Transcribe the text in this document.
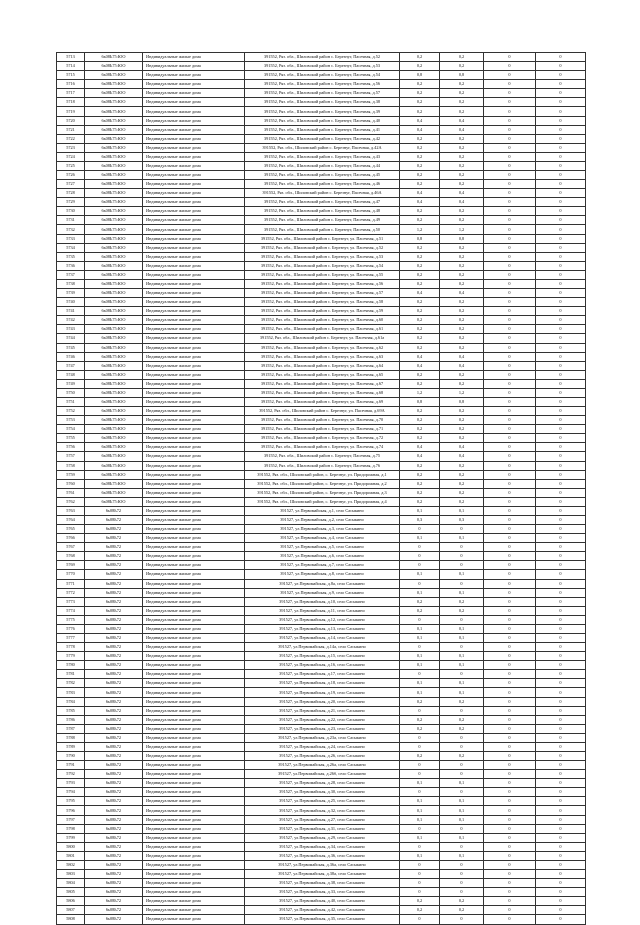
5713	6ь08Ь75:ЮО	Индивидуальные жилые дома	391552, Ряз. обл., Шиловский район с. Березнуг, Пасечная, д.52	0,2	0,2	0	0
5714	6ь08Ь75:ЮО	Индивидуальные жилые дома	391552, Ряз. обл., Шиловский район с. Березнуг, Пасечная, д.53	0,2	0,2	0	0
5715	6ь08Ь75:ЮО	Индивидуальные жилые дома	391552, Ряз. обл., Шиловский район с. Березнуг, Пасечная, д.54	0,8	0,8	0	0
5716	6ь08Ь75:ЮО	Индивидуальные жилые дома	391552, Ряз. обл., Шиловский район с. Березнуг, Пасечная, д.56	0,2	0,2	0	0
5717	6ь08Ь75:ЮО	Индивидуальные жилые дома	391552, Ряз. обл., Шиловский район с. Березнуг, Пасечная, д.57	0,2	0,2	0	0
5718	6ь08Ь75:ЮО	Индивидуальные жилые дома	391552, Ряз. обл., Шиловский район с. Березнуг, Пасечная, д.38	0,2	0,2	0	0
5719	6ь08Ь75:ЮО	Индивидуальные жилые дома	391552, Ряз. обл., Шиловский район с. Березнуг, Пасечная, д.39	0,2	0,2	0	0
5720	6ь08Ь75:ЮО	Индивидуальные жилые дома	391552, Ряз. обл., Шиловский район с. Березнуг, Пасечная, д.40	0,4	0,4	0	0
5721	6ь08Ь75:ЮО	Индивидуальные жилые дома	391552, Ряз. обл., Шиловский район с. Березнуг, Пасечная, д.41	0,4	0,4	0	0
5722	6ь08Ь75:ЮО	Индивидуальные жилые дома	391552, Ряз. обл., Шиловский район с. Березнуг, Пасечная, д.42	0,2	0,2	0	0
5723	6ь08Ь75:ЮО	Индивидуальные жилые дома	391552, Ряз. обл., Шиловский район с. Березнуг, Пасечная, д.42А	0,2	0,2	0	0
5724	6ь08Ь75:ЮО	Индивидуальные жилые дома	391552, Ряз. обл., Шиловский район с. Березнуг, Пасечная, д.43	0,2	0,2	0	0
5725	6ь08Ь75:ЮО	Индивидуальные жилые дома	391552, Ряз. обл., Шиловский район с. Березнуг, Пасечная, д.44	0,2	0,2	0	0
5726	6ь08Ь75:ЮО	Индивидуальные жилые дома	391552, Ряз. обл., Шиловский район с. Березнуг, Пасечная, д.45	0,2	0,2	0	0
5727	6ь08Ь75:ЮО	Индивидуальные жилые дома	391552, Ряз. обл., Шиловский район с. Березнуг, Пасечная, д.46	0,2	0,2	0	0
5728	6ь08Ь75:ЮО	Индивидуальные жилые дома	391552, Ряз. обл., Шиловский район с. Березнуг, Пасечная, д.46А	0,4	0,4	0	0
5729	6ь08Ь75:ЮО	Индивидуальные жилые дома	391552, Ряз. обл., Шиловский район с. Березнуг, Пасечная, д.47	0,4	0,4	0	0
5730	6ь08Ь75:ЮО	Индивидуальные жилые дома	391552, Ряз. обл., Шиловский район с. Березнуг, Пасечная, д.48	0,2	0,2	0	0
5731	6ь08Ь75:ЮО	Индивидуальные жилые дома	391552, Ряз. обл., Шиловский район с. Березнуг, Пасечная, д.49	0,2	0,2	0	0
5732	6ь08Ь75:ЮО	Индивидуальные жилые дома	391552, Ряз. обл., Шиловский район с. Березнуг, Пасечная, д.50	1,2	1,2	0	0
5733	6ь08Ь75:ЮО	Индивидуальные жилые дома	391552, Ряз. обл., Шиловский район с. Березнуг, ул. Пасечная, д.51	0,8	0,8	0	0
5734	6ь08Ь75:ЮО	Индивидуальные жилые дома	391552, Ряз. обл., Шиловский район с. Березнуг, ул. Пасечная, д.52	0,2	0,2	0	0
5735	6ь08Ь75:ЮО	Индивидуальные жилые дома	391552, Ряз. обл., Шиловский район с. Березнуг, ул. Пасечная, д.53	0,2	0,2	0	0
5736	6ь08Ь75:ЮО	Индивидуальные жилые дома	391552, Ряз. обл., Шиловский район с. Березнуг, ул. Пасечная, д.54	0,2	0,2	0	0
5737	6ь08Ь75:ЮО	Индивидуальные жилые дома	391552, Ряз. обл., Шиловский район с. Березнуг, ул. Пасечная, д.55	0,2	0,2	0	0
5738	6ь08Ь75:ЮО	Индивидуальные жилые дома	391552, Ряз. обл., Шиловский район с. Березнуг, ул. Пасечная, д.56	0,2	0,2	0	0
5739	6ь08Ь75:ЮО	Индивидуальные жилые дома	391552, Ряз. обл., Шиловский район с. Березнуг, ул. Пасечная, д.57	0,4	0,4	0	0
5740	6ь08Ь75:ЮО	Индивидуальные жилые дома	391552, Ряз. обл., Шиловский район с. Березнуг, ул. Пасечная, д.58	0,2	0,2	0	0
5741	6ь08Ь75:ЮО	Индивидуальные жилые дома	391552, Ряз. обл., Шиловский район с. Березнуг, ул. Пасечная, д.59	0,2	0,2	0	0
5742	6ь08Ь75:ЮО	Индивидуальные жилые дома	391552, Ряз. обл., Шиловский район с. Березнуг, ул. Пасечная, д.60	0,2	0,2	0	0
5743	6ь08Ь75:ЮО	Индивидуальные жилые дома	391552, Ряз. обл., Шиловский район с. Березнуг, ул. Пасечная, д.61	0,2	0,2	0	0
5744	6ь08Ь75:ЮО	Индивидуальные жилые дома	391552, Ряз. обл., Шиловский район с. Березнуг, ул. Пасечная, д.61а	0,2	0,2	0	0
5745	6ь08Ь75:ЮО	Индивидуальные жилые дома	391552, Ряз. обл., Шиловский район с. Березнуг, ул. Пасечная, д.62	0,2	0,2	0	0
5746	6ь08Ь75:ЮО	Индивидуальные жилые дома	391552, Ряз. обл., Шиловский район с. Березнуг, ул. Пасечная, д.63	0,4	0,4	0	0
5747	6ь08Ь75:ЮО	Индивидуальные жилые дома	391552, Ряз. обл., Шиловский район с. Березнуг, ул. Пасечная, д.64	0,4	0,4	0	0
5748	6ь08Ь75:ЮО	Индивидуальные жилые дома	391552, Ряз. обл., Шиловский район с. Березнуг, ул. Пасечная, д.65	0,2	0,2	0	0
5749	6ь08Ь75:ЮО	Индивидуальные жилые дома	391552, Ряз. обл., Шиловский район с. Березнуг, ул. Пасечная, д.67	0,2	0,2	0	0
5750	6ь08Ь75:ЮО	Индивидуальные жилые дома	391552, Ряз. обл., Шиловский район с. Березнуг, ул. Пасечная, д.68	1,2	1,2	0	0
5751	6ь08Ь75:ЮО	Индивидуальные жилые дома	391552, Ряз. обл., Шиловский район с. Березнуг, ул. Пасечная, д.69	0,8	0,8	0	0
5752	6ь08Ь75:ЮО	Индивидуальные жилые дома	391552, Ряз. обл., Шиловский район с. Березнуг, ул. Пасечная, д.69А	0,2	0,2	0	0
5753	6ь08Ь75:ЮО	Индивидуальные жилые дома	391552, Ряз. обл., Шиловский район с. Березнуг, ул. Пасечная, д.70	0,2	0,2	0	0
5754	6ь08Ь75:ЮО	Индивидуальные жилые дома	391552, Ряз. обл., Шиловский район с. Березнуг, ул. Пасечная, д.71	0,2	0,2	0	0
5755	6ь08Ь75:ЮО	Индивидуальные жилые дома	391552, Ряз. обл., Шиловский район с. Березнуг, ул. Пасечная, д.72	0,2	0,2	0	0
5756	6ь08Ь75:ЮО	Индивидуальные жилые дома	391552, Ряз. обл., Шиловский район с. Березнуг, ул. Пасечная, д.74	0,4	0,4	0	0
5757	6ь08Ь75:ЮО	Индивидуальные жилые дома	391552, Ряз. обл., Шиловский район с. Березнуг, Пасечная, д.75	0,4	0,4	0	0
5758	6ь08Ь75:ЮО	Индивидуальные жилые дома	391552, Ряз. обл., Шиловский район с. Березнуг, Пасечная, д.76	0,2	0,2	0	0
5759	6ь08Ь75:ЮО	Индивидуальные жилые дома	391552, Ряз. обл., Шиловский район, с. Березнуг, ул. Придорожная, д.1	0,2	0,2	0	0
5760	6ь08Ь75:ЮО	Индивидуальные жилые дома	391552, Ряз. обл., Шиловский район, с. Березнуг, ул. Придорожная, д.2	0,2	0,2	0	0
5761	6ь08Ь75:ЮО	Индивидуальные жилые дома	391552, Ряз. обл., Шиловский район, с. Березнуг, ул. Придорожная, д.3	0,2	0,2	0	0
5762	6ь08Ь75:ЮО	Индивидуальные жилые дома	391552, Ряз. обл., Шиловский район, с. Березнуг, ул. Придорожная, д.4	0,2	0,2	0	0
5763	6ь08Ь72	Индивидуальные жилые дома	391527, ул.Первомайская, д.1, село Сасыкино	0,1	0,1	0	0
5764	6ь08Ь72	Индивидуальные жилые дома	391527, ул.Первомайская, д.2, село Сасыкино	0,3	0,3	0	0
5765	6ь08Ь72	Индивидуальные жилые дома	391527, ул.Первомайская, д.3, село Сасыкино	0	0	0	0
5766	6ь08Ь72	Индивидуальные жилые дома	391527, ул.Первомайская, д.4, село Сасыкино	0,1	0,1	0	0
5767	6ь08Ь72	Индивидуальные жилые дома	391527, ул.Первомайская, д.5, село Сасыкино	0	0	0	0
5768	6ь08Ь72	Индивидуальные жилые дома	391527, ул.Первомайская, д.6, село Сасыкино	0	0	0	0
5769	6ь08Ь72	Индивидуальные жилые дома	391527, ул.Первомайская, д.7, село Сасыкино	0	0	0	0
5770	6ь08Ь72	Индивидуальные жилые дома	391527, ул.Первомайская, д.8, село Сасыкино	0,1	0,1	0	0
5771	6ь08Ь72	Индивидуальные жилые дома	391527, ул.Первомайская, д.8а, село Сасыкино	0	0	0	0
5772	6ь08Ь72	Индивидуальные жилые дома	391527, ул.Первомайская, д.9, село Сасыкино	0,1	0,1	0	0
5773	6ь08Ь72	Индивидуальные жилые дома	391527, ул.Первомайская, д.10, село Сасыкино	0,2	0,2	0	0
5774	6ь08Ь72	Индивидуальные жилые дома	391527, ул.Первомайская, д.11, село Сасыкино	0,2	0,2	0	0
5775	6ь08Ь72	Индивидуальные жилые дома	391527, ул.Первомайская, д.12, село Сасыкино	0	0	0	0
5776	6ь08Ь72	Индивидуальные жилые дома	391527, ул.Первомайская, д.13, село Сасыкино	0,1	0,1	0	0
5777	6ь08Ь72	Индивидуальные жилые дома	391527, ул.Первомайская, д.14, село Сасыкино	0,1	0,1	0	0
5778	6ь08Ь72	Индивидуальные жилые дома	391527, ул.Первомайская, д.14а, село Сасыкино	0	0	0	0
5779	6ь08Ь72	Индивидуальные жилые дома	391527, ул.Первомайская, д.15, село Сасыкино	0,1	0,1	0	0
5780	6ь08Ь72	Индивидуальные жилые дома	391527, ул.Первомайская, д.16, село Сасыкино	0,1	0,1	0	0
5781	6ь08Ь72	Индивидуальные жилые дома	391527, ул.Первомайская, д.17, село Сасыкино	0	0	0	0
5782	6ь08Ь72	Индивидуальные жилые дома	391527, ул.Первомайская, д.18, село Сасыкино	0,1	0,1	0	0
5783	6ь08Ь72	Индивидуальные жилые дома	391527, ул.Первомайская, д.19, село Сасыкино	0,1	0,1	0	0
5784	6ь08Ь72	Индивидуальные жилые дома	391527, ул.Первомайская, д.20, село Сасыкино	0,2	0,2	0	0
5785	6ь08Ь72	Индивидуальные жилые дома	391527, ул.Первомайская, д.21, село Сасыкино	0	0	0	0
5786	6ь08Ь72	Индивидуальные жилые дома	391527, ул.Первомайская, д.22, село Сасыкино	0,2	0,2	0	0
5787	6ь08Ь72	Индивидуальные жилые дома	391527, ул.Первомайская, д.23, село Сасыкино	0,2	0,2	0	0
5788	6ь08Ь72	Индивидуальные жилые дома	391527, ул.Первомайская, д.23а, село Сасыкино	0	0	0	0
5789	6ь08Ь72	Индивидуальные жилые дома	391527, ул.Первомайская, д.24, село Сасыкино	0	0	0	0
5790	6ь08Ь72	Индивидуальные жилые дома	391527, ул.Первомайская, д.26, село Сасыкино	0,2	0,2	0	0
5791	6ь08Ь72	Индивидуальные жилые дома	391527, ул.Первомайская, д.26а, село Сасыкино	0	0	0	0
5792	6ь08Ь72	Индивидуальные жилые дома	391527, ул.Первомайская, д.26б, село Сасыкино	0	0	0	0
5793	6ь08Ь72	Индивидуальные жилые дома	391527, ул.Первомайская, д.28, село Сасыкино	0,1	0,1	0	0
5794	6ь08Ь72	Индивидуальные жилые дома	391527, ул.Первомайская, д.30, село Сасыкино	0	0	0	0
5795	6ь08Ь72	Индивидуальные жилые дома	391527, ул.Первомайская, д.25, село Сасыкино	0,1	0,1	0	0
5796	6ь08Ь72	Индивидуальные жилые дома	391527, ул.Первомайская, д.32, село Сасыкино	0,1	0,1	0	0
5797	6ь08Ь72	Индивидуальные жилые дома	391527, ул.Первомайская, д.27, село Сасыкино	0,1	0,1	0	0
5798	6ь08Ь72	Индивидуальные жилые дома	391527, ул.Первомайская, д.31, село Сасыкино	0	0	0	0
5799	6ь08Ь72	Индивидуальные жилые дома	391527, ул.Первомайская, д.29, село Сасыкино	0,1	0,1	0	0
5800	6ь08Ь72	Индивидуальные жилые дома	391527, ул.Первомайская, д.34, село Сасыкино	0	0	0	0
5801	6ь08Ь72	Индивидуальные жилые дома	391527, ул.Первомайская, д.36, село Сасыкино	0,1	0,1	0	0
5802	6ь08Ь72	Индивидуальные жилые дома	391527, ул.Первомайская, д.36а, село Сасыкино	0	0	0	0
5803	6ь08Ь72	Индивидуальные жилые дома	391527, ул.Первомайская, д.38а, село Сасыкино	0	0	0	0
5804	6ь08Ь72	Индивидуальные жилые дома	391527, ул.Первомайская, д.38, село Сасыкино	0	0	0	0
5805	6ь08Ь72	Индивидуальные жилые дома	391527, ул.Первомайская, д.33, село Сасыкино	0	0	0	0
5806	6ь08Ь72	Индивидуальные жилые дома	391527, ул.Первомайская, д.40, село Сасыкино	0,2	0,2	0	0
5807	6ь08Ь72	Индивидуальные жилые дома	391527, ул.Первомайская, д.42, село Сасыкино	0,2	0,2	0	0
5808	6ь08Ь72	Индивидуальные жилые дома	391527, ул.Первомайская, д.35, село Сасыкино	0	0	0	0
